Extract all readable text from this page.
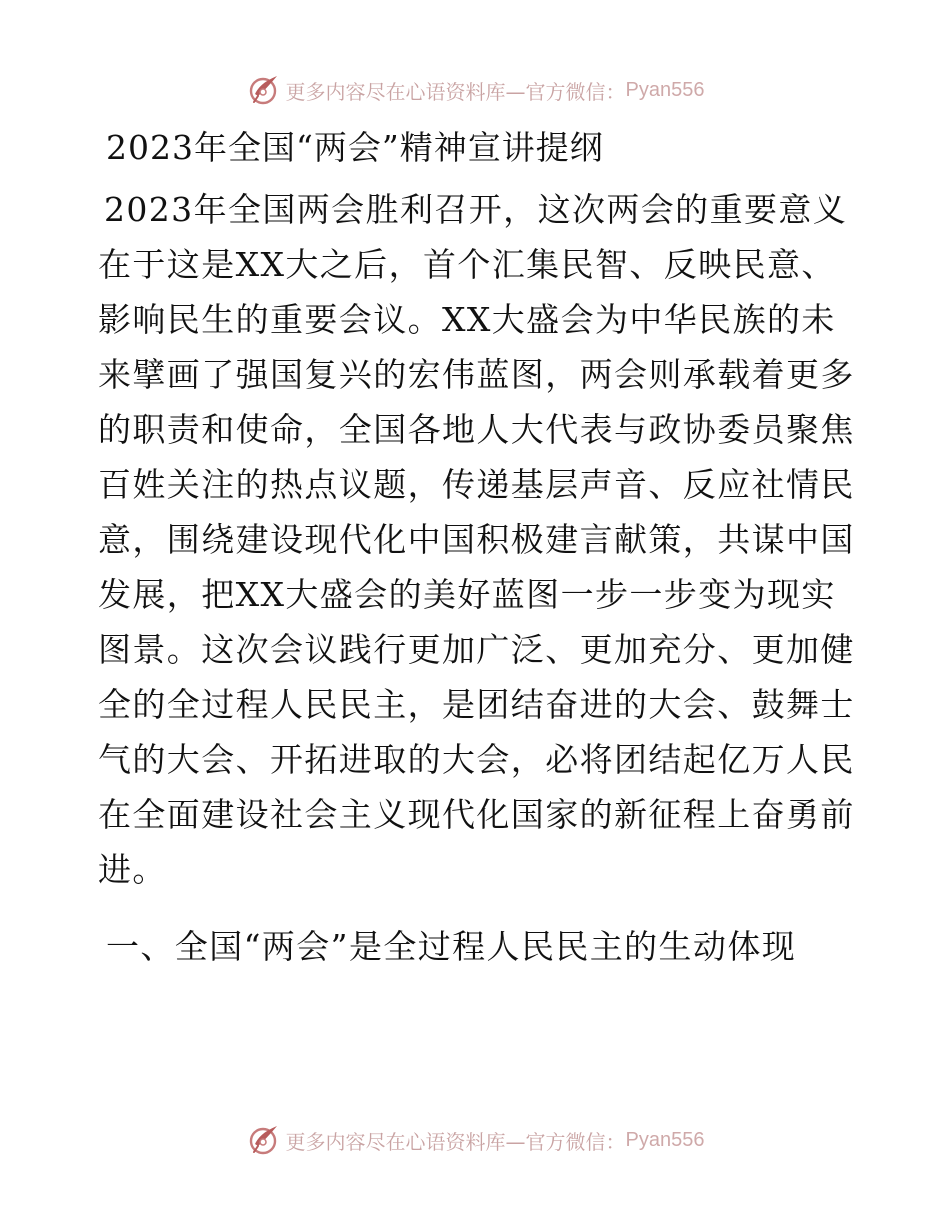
更多内容尽在心语资料库—官方微信： Pyan556
2023年全国“两会”精神宣讲提纲

2023年全国两会胜利召开，这次两会的重要意义在于这是XX大之后，首个汇集民智、反映民意、影响民生的重要会议。XX大盛会为中华民族的未来擘画了强国复兴的宏伟蓝图，两会则承载着更多的职责和使命，全国各地人大代表与政协委员聚焦百姓关注的热点议题，传递基层声音、反应社情民意，围绕建设现代化中国积极建言献策，共谋中国发展，把XX大盛会的美好蓝图一步一步变为现实图景。这次会议践行更加广泛、更加充分、更加健全的全过程人民民主，是团结奋进的大会、鼓舞士气的大会、开拓进取的大会，必将团结起亿万人民在全面建设社会主义现代化国家的新征程上奋勇前进。

一、全国“两会”是全过程人民民主的生动体现
更多内容尽在心语资料库—官方微信： Pyan556
